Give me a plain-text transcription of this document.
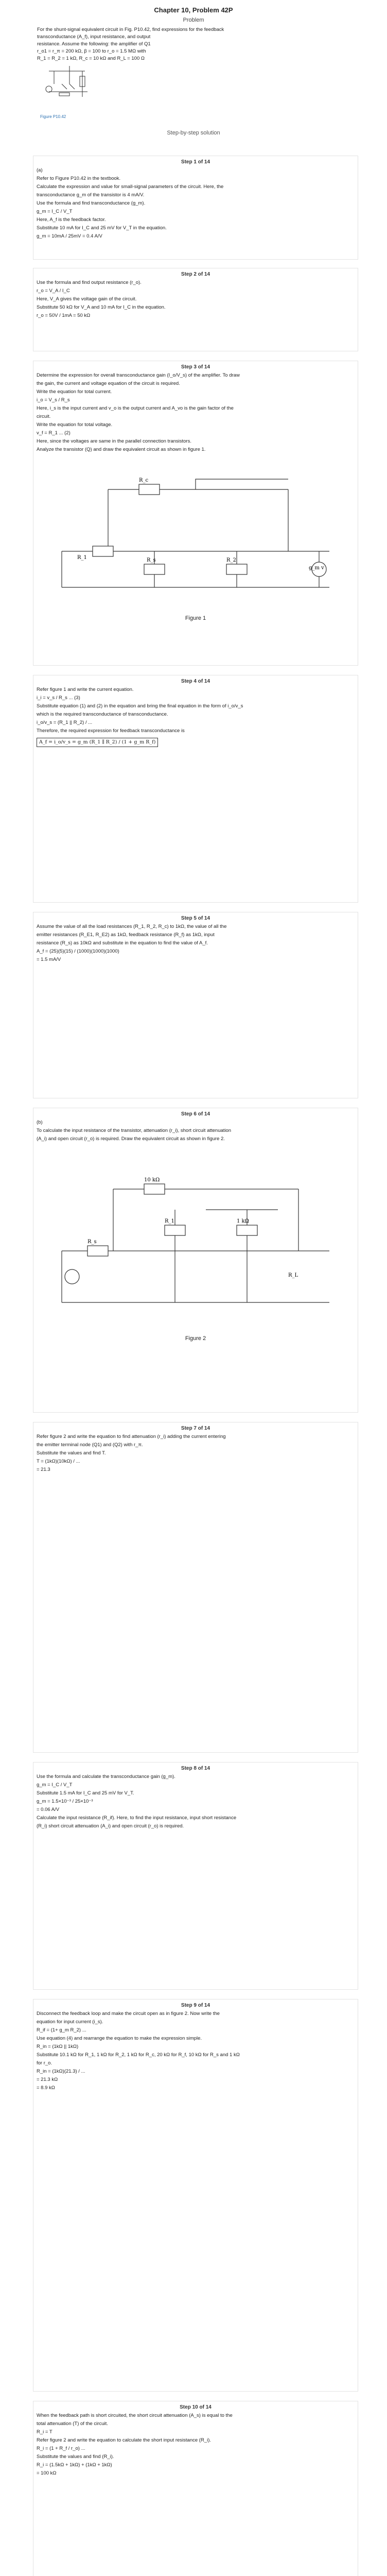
Chapter 10, Problem 42P
Problem

For the shunt-signal equivalent circuit in Fig. P10.42, find expressions for the feedback

transconductance (A_f), input resistance, and output

resistance. Assume the following: the amplifier of Q1

r_o1 = r_π = 200 kΩ, β = 100 to r_o = 1.5 MΩ with

R_1 = R_2 = 1 kΩ, R_c = 10 kΩ and R_L = 100 Ω

Figure P10.42
Step-by-step solution
Step 1 of 14
(a)
Refer to Figure P10.42 in the textbook.
Calculate the expression and value for small-signal parameters of the circuit. Here, the
transconductance g_m of the transistor is 4 mA/V.
Use the formula and find transconductance (g_m).
g_m = I_C / V_T
Here, A_f is the feedback factor.
Substitute 10 mA for I_C and 25 mV for V_T in the equation.
g_m = 10mA / 25mV = 0.4 A/V
Step 2 of 14
Use the formula and find output resistance (r_o).
r_o = V_A / I_C
Here, V_A gives the voltage gain of the circuit.
Substitute 50 kΩ for V_A and 10 mA for I_C in the equation.
r_o = 50V / 1mA = 50 kΩ
Step 3 of 14
Determine the expression for overall transconductance gain (I_o/V_s) of the amplifier. To draw
the gain, the current and voltage equation of the circuit is required.
Write the equation for total current.
i_o = V_s / R_s
Here, i_s is the input current and v_o is the output current and A_vo is the gain factor of the
circuit.
Write the equation for total voltage.
v_f = R_1 ... (2)
Here, since the voltages are same in the parallel connection transistors.
Analyze the transistor (Q) and draw the equivalent circuit as shown in figure 1.
R_1	R_s	R_2
R_c
g_m v
Figure 1
Step 4 of 14
Refer figure 1 and write the current equation.
i_i = v_s / R_s ... (3)
Substitute equation (1) and (2) in the equation and bring the final equation in the form of i_o/v_s
which is the required transconductance of transconductance.
i_o/v_s = (R_1 || R_2) / ...
Therefore, the required expression for feedback transconductance is
A_f = i_o/v_s = g_m (R_1 ∥ R_2) / (1 + g_m R_f)
Step 5 of 14
Assume the value of all the load resistances (R_1, R_2, R_c) to 1kΩ, the value of all the
emitter resistances (R_E1, R_E2) as 1kΩ, feedback resistance (R_f) as 1kΩ, input
resistance (R_s) as 10kΩ and substitute in the equation to find the value of A_f.
A_f = (25)(5)(15) / (1000)(1000)(1000)
= 1.5 mA/V
Step 6 of 14
(b)
To calculate the input resistance of the transistor, attenuation (r_i), short circuit attenuation
(A_i) and open circuit (r_o) is required. Draw the equivalent circuit as shown in figure 2.
R_s
R_1	1 kΩ
10 kΩ
R_L
Figure 2
Step 7 of 14
Refer figure 2 and write the equation to find attenuation (r_i) adding the current entering
the emitter terminal node (Q1) and (Q2) with r_π.
Substitute the values and find T.
T = (1kΩ)(10kΩ) / ...
= 21.3
Step 8 of 14
Use the formula and calculate the transconductance gain (g_m).
g_m = I_C / V_T
Substitute 1.5 mA for I_C and 25 mV for V_T.
g_m = 1.5×10⁻³ / 25×10⁻³
= 0.06 A/V
Calculate the input resistance (R_if). Here, to find the input resistance, input short resistance
(R_i) short circuit attenuation (A_i) and open circuit (r_o) is required.
Step 9 of 14
Disconnect the feedback loop and make the circuit open as in figure 2. Now write the
equation for input current (i_s).
R_if = (1+ g_m R_2) ...
Use equation (4) and rearrange the equation to make the expression simple.
R_in = (1kΩ || 1kΩ)
Substitute 10.1 kΩ for R_1, 1 kΩ for R_2, 1 kΩ for R_c, 20 kΩ for R_f, 10 kΩ for R_s and 1 kΩ
for r_o.
R_in = (1kΩ)(21.3) / ...
= 21.3 kΩ
= 8.9 kΩ
Step 10 of 14
When the feedback path is short circuited, the short circuit attenuation (A_s) is equal to the
total attenuation (T) of the circuit.
R_i = T
Refer figure 2 and write the equation to calculate the short input resistance (R_i).
R_i = (1 + R_f / r_o) ...
Substitute the values and find (R_i).
R_i = (1.5kΩ + 1kΩ) + (1kΩ + 1kΩ)
= 100 kΩ
